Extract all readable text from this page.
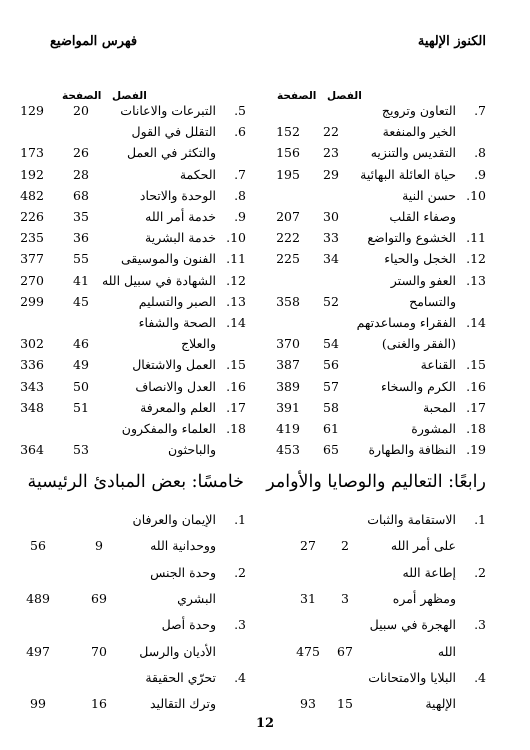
الكنوز الإلهية
فهرس المواضيع
الفصل
الصفحة
الفصل
الصفحة
7.
التعاون وترويج
الخير والمنفعة
22
152
8.
التقديس والتنزيه
23
156
9.
حياة العائلة البهائية
29
195
10.
حسن النية
وصفاء القلب
30
207
11.
الخشوع والتواضع
33
222
12.
الخجل والحياء
34
225
13.
العفو والستر
والتسامح
52
358
14.
الفقراء ومساعدتهم
(الفقر والغنى)
54
370
15.
القناعة
56
387
16.
الكرم والسخاء
57
389
17.
المحبة
58
391
18.
المشورة
61
419
19.
النظافة والطهارة
65
453
5.
التبرعات والاعانات
20
129
6.
التقلل في القول
والتكثر في العمل
26
173
7.
الحكمة
28
192
8.
الوحدة والاتحاد
68
482
9.
خدمة أمر الله
35
226
10.
خدمة البشرية
36
235
11.
الفنون والموسيقى
55
377
12.
الشهادة في سبيل الله
41
270
13.
الصبر والتسليم
45
299
14.
الصحة والشفاء
والعلاج
46
302
15.
العمل والاشتغال
49
336
16.
العدل والانصاف
50
343
17.
العلم والمعرفة
51
348
18.
العلماء والمفكرون
والباحثون
53
364
رابعًا: التعاليم والوصايا والأوامر
خامسًا: بعض المبادئ الرئيسية
1.
الاستقامة والثبات
على أمر الله
2
27
2.
إطاعة الله
ومظهر أمره
3
31
3.
الهجرة في سبيل
الله
67
475
4.
البلايا والامتحانات
الإلهية
15
93
1.
الإيمان والعرفان
ووحدانية الله
9
56
2.
وحدة الجنس
البشري
69
489
3.
وحدة أصل
الأديان والرسل
70
497
4.
تحرّي الحقيقة
وترك التقاليد
16
99
12
